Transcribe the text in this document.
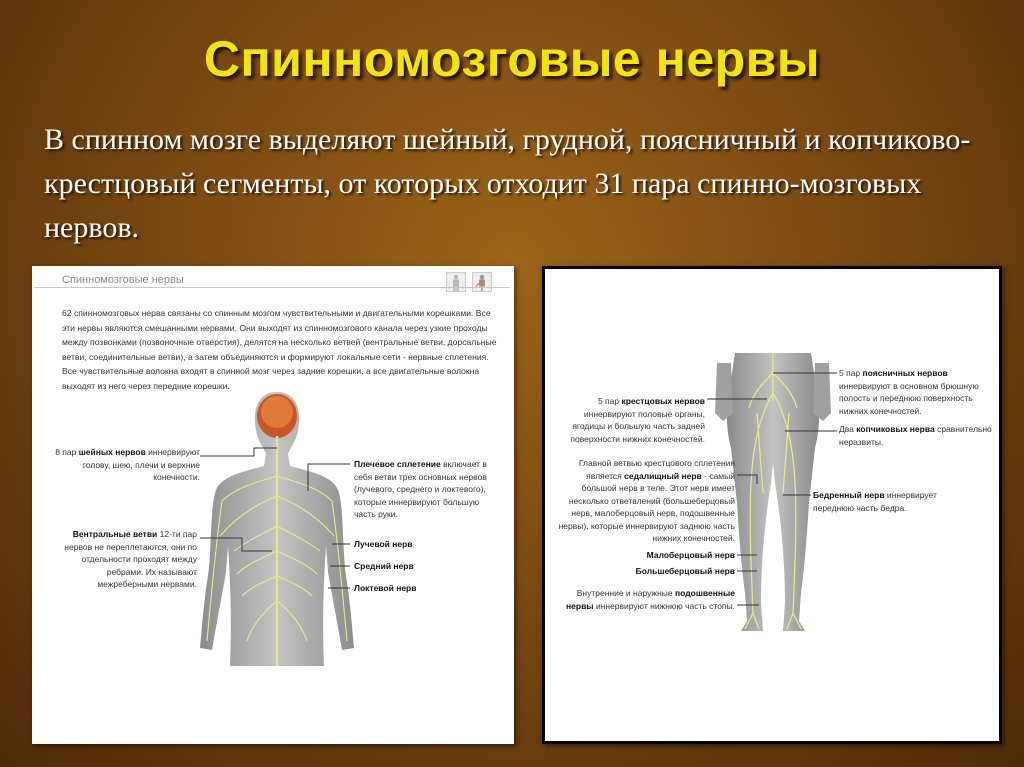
Спинномозговые нервы
В спинном мозге выделяют шейный, грудной, поясничный и копчиково-крестцовый сегменты, от которых отходит 31 пара спинно-мозговых нервов.
Спинномозговые нервы
62 спинномозговых нерва связаны со спинным мозгом чувствительными и двигательными корешками. Все эти нервы являются смешанными нервами. Они выходят из спинномозгового канала через узкие проходы между позвонками (позвоночные отверстия), делятся на несколько ветвей (вентральные ветви, дорсальные ветви, соединительные ветви), а затем объединяются и формируют локальные сети - нервные сплетения. Все чувствительные волокна входят в спинной мозг через задние корешки, а все двигательные волокна выходят из него через передние корешки.
8 пар шейных нервов иннервируют голову, шею, плечи и верхние конечности.
Вентральные ветви 12-ти пар нервов не переплетаются, они по отдельности проходят между ребрами. Их называют межреберными нервами.
Плечевое сплетение включает в себя ветви трех основных нервов (лучевого, среднего и локтевого), которые иннервируют большую часть руки.
Лучевой нерв
Средний нерв
Локтевой нерв
5 пар поясничных нервов иннервируют в основном брюшную полость и переднюю поверхность нижних конечностей.
Два копчиковых нерва сравнительно неразвиты.
5 пар крестцовых нервов иннервируют половые органы, ягодицы и большую часть задней поверхности нижних конечностей.
Главной ветвью крестцового сплетения является седалищный нерв - самый большой нерв в теле. Этот нерв имеет несколько ответвлений (большеберцовый нерв, малоберцовый нерв, подошвенные нервы), которые иннервируют заднюю часть нижних конечностей.
Бедренный нерв иннервирует переднюю часть бедра.
Малоберцовый нерв
Большеберцовый нерв
Внутренние и наружные подошвенные нервы иннервируют нижнюю часть стопы.
